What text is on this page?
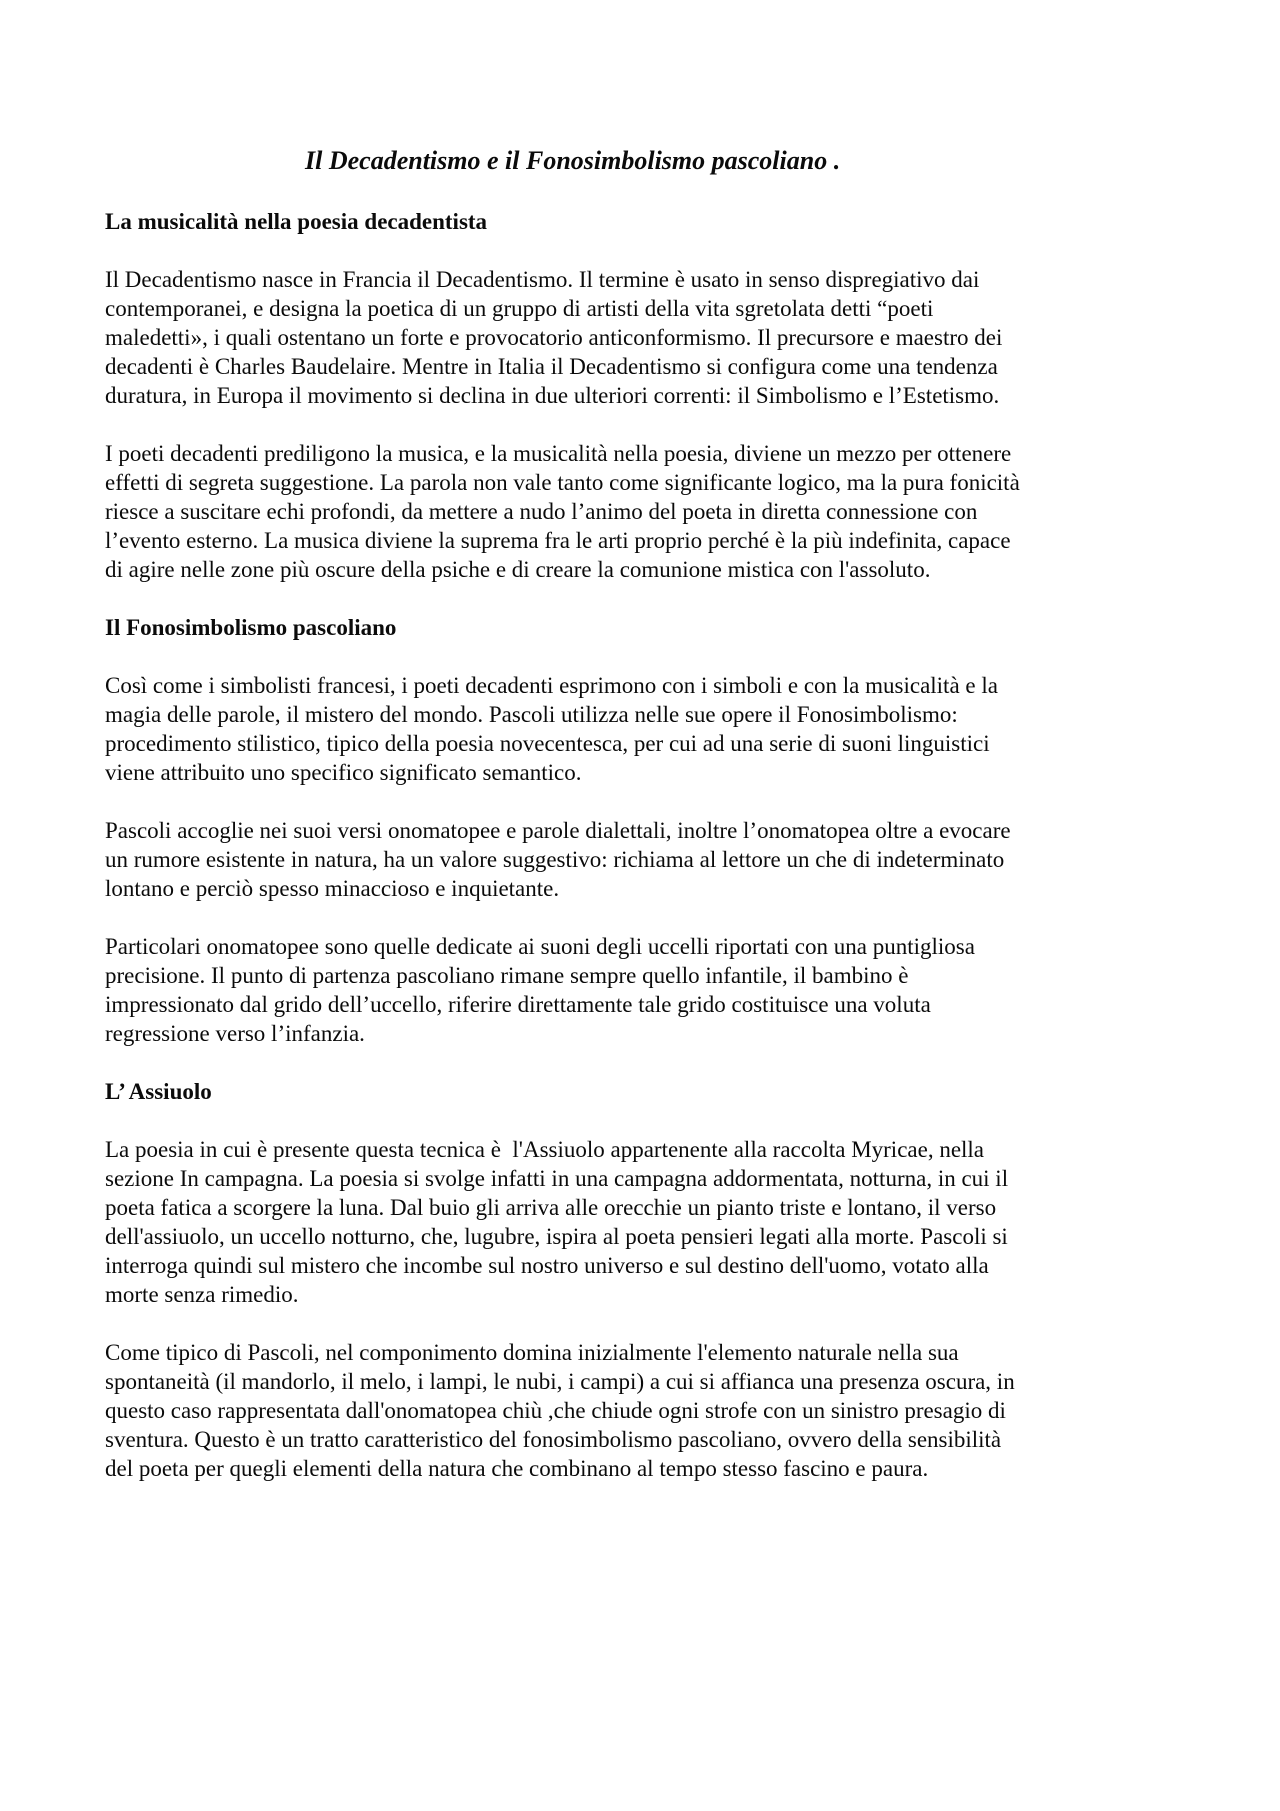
Il Decadentismo e il Fonosimbolismo pascoliano .
La musicalità nella poesia decadentista

Il Decadentismo nasce in Francia il Decadentismo. Il termine è usato in senso dispregiativo dai
contemporanei, e designa la poetica di un gruppo di artisti della vita sgretolata detti “poeti
maledetti», i quali ostentano un forte e provocatorio anticonformismo. Il precursore e maestro dei
decadenti è Charles Baudelaire. Mentre in Italia il Decadentismo si configura come una tendenza
duratura, in Europa il movimento si declina in due ulteriori correnti: il Simbolismo e l’Estetismo.

I poeti decadenti prediligono la musica, e la musicalità nella poesia, diviene un mezzo per ottenere
effetti di segreta suggestione. La parola non vale tanto come significante logico, ma la pura fonicità
riesce a suscitare echi profondi, da mettere a nudo l’animo del poeta in diretta connessione con
l’evento esterno. La musica diviene la suprema fra le arti proprio perché è la più indefinita, capace
di agire nelle zone più oscure della psiche e di creare la comunione mistica con l'assoluto.

Il Fonosimbolismo pascoliano

Così come i simbolisti francesi, i poeti decadenti esprimono con i simboli e con la musicalità e la
magia delle parole, il mistero del mondo. Pascoli utilizza nelle sue opere il Fonosimbolismo:
procedimento stilistico, tipico della poesia novecentesca, per cui ad una serie di suoni linguistici
viene attribuito uno specifico significato semantico.

Pascoli accoglie nei suoi versi onomatopee e parole dialettali, inoltre l’onomatopea oltre a evocare
un rumore esistente in natura, ha un valore suggestivo: richiama al lettore un che di indeterminato
lontano e perciò spesso minaccioso e inquietante.

Particolari onomatopee sono quelle dedicate ai suoni degli uccelli riportati con una puntigliosa
precisione. Il punto di partenza pascoliano rimane sempre quello infantile, il bambino è
impressionato dal grido dell’uccello, riferire direttamente tale grido costituisce una voluta
regressione verso l’infanzia.

L’ Assiuolo

La poesia in cui è presente questa tecnica è  l'Assiuolo appartenente alla raccolta Myricae, nella
sezione In campagna. La poesia si svolge infatti in una campagna addormentata, notturna, in cui il
poeta fatica a scorgere la luna. Dal buio gli arriva alle orecchie un pianto triste e lontano, il verso
dell'assiuolo, un uccello notturno, che, lugubre, ispira al poeta pensieri legati alla morte. Pascoli si
interroga quindi sul mistero che incombe sul nostro universo e sul destino dell'uomo, votato alla
morte senza rimedio.

Come tipico di Pascoli, nel componimento domina inizialmente l'elemento naturale nella sua
spontaneità (il mandorlo, il melo, i lampi, le nubi, i campi) a cui si affianca una presenza oscura, in
questo caso rappresentata dall'onomatopea chiù ,che chiude ogni strofe con un sinistro presagio di
sventura. Questo è un tratto caratteristico del fonosimbolismo pascoliano, ovvero della sensibilità
del poeta per quegli elementi della natura che combinano al tempo stesso fascino e paura.
